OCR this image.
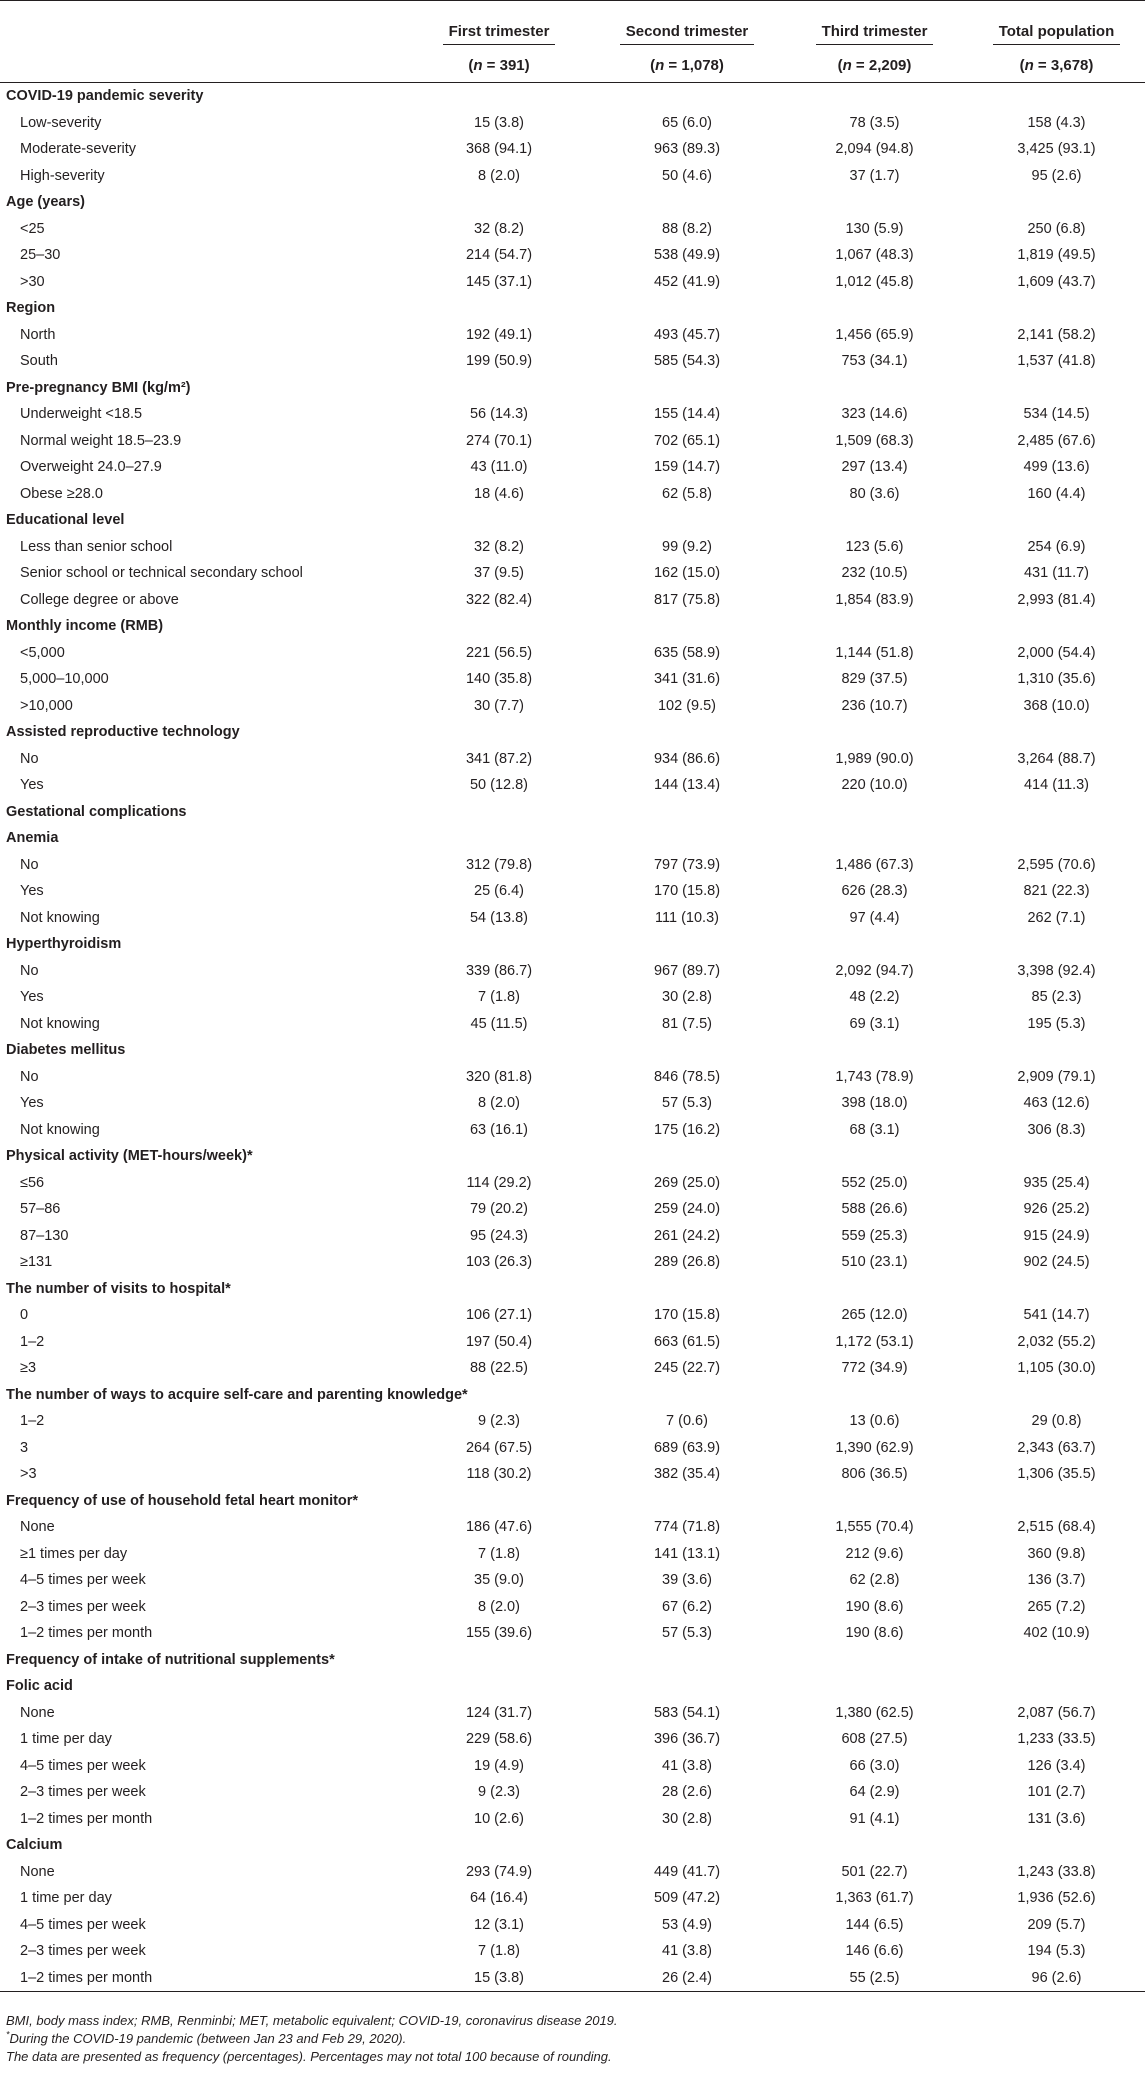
	First trimester	Second trimester	Third trimester	Total population
	(n = 391)	(n = 1,078)	(n = 2,209)	(n = 3,678)
COVID-19 pandemic severity				
Low-severity	15 (3.8)	65 (6.0)	78 (3.5)	158 (4.3)
Moderate-severity	368 (94.1)	963 (89.3)	2,094 (94.8)	3,425 (93.1)
High-severity	8 (2.0)	50 (4.6)	37 (1.7)	95 (2.6)
Age (years)				
<25	32 (8.2)	88 (8.2)	130 (5.9)	250 (6.8)
25–30	214 (54.7)	538 (49.9)	1,067 (48.3)	1,819 (49.5)
>30	145 (37.1)	452 (41.9)	1,012 (45.8)	1,609 (43.7)
Region				
North	192 (49.1)	493 (45.7)	1,456 (65.9)	2,141 (58.2)
South	199 (50.9)	585 (54.3)	753 (34.1)	1,537 (41.8)
Pre-pregnancy BMI (kg/m²)				
Underweight <18.5	56 (14.3)	155 (14.4)	323 (14.6)	534 (14.5)
Normal weight 18.5–23.9	274 (70.1)	702 (65.1)	1,509 (68.3)	2,485 (67.6)
Overweight 24.0–27.9	43 (11.0)	159 (14.7)	297 (13.4)	499 (13.6)
Obese ≥28.0	18 (4.6)	62 (5.8)	80 (3.6)	160 (4.4)
Educational level				
Less than senior school	32 (8.2)	99 (9.2)	123 (5.6)	254 (6.9)
Senior school or technical secondary school	37 (9.5)	162 (15.0)	232 (10.5)	431 (11.7)
College degree or above	322 (82.4)	817 (75.8)	1,854 (83.9)	2,993 (81.4)
Monthly income (RMB)				
<5,000	221 (56.5)	635 (58.9)	1,144 (51.8)	2,000 (54.4)
5,000–10,000	140 (35.8)	341 (31.6)	829 (37.5)	1,310 (35.6)
>10,000	30 (7.7)	102 (9.5)	236 (10.7)	368 (10.0)
Assisted reproductive technology				
No	341 (87.2)	934 (86.6)	1,989 (90.0)	3,264 (88.7)
Yes	50 (12.8)	144 (13.4)	220 (10.0)	414 (11.3)
Gestational complications				
Anemia				
No	312 (79.8)	797 (73.9)	1,486 (67.3)	2,595 (70.6)
Yes	25 (6.4)	170 (15.8)	626 (28.3)	821 (22.3)
Not knowing	54 (13.8)	111 (10.3)	97 (4.4)	262 (7.1)
Hyperthyroidism				
No	339 (86.7)	967 (89.7)	2,092 (94.7)	3,398 (92.4)
Yes	7 (1.8)	30 (2.8)	48 (2.2)	85 (2.3)
Not knowing	45 (11.5)	81 (7.5)	69 (3.1)	195 (5.3)
Diabetes mellitus				
No	320 (81.8)	846 (78.5)	1,743 (78.9)	2,909 (79.1)
Yes	8 (2.0)	57 (5.3)	398 (18.0)	463 (12.6)
Not knowing	63 (16.1)	175 (16.2)	68 (3.1)	306 (8.3)
Physical activity (MET-hours/week)*				
≤56	114 (29.2)	269 (25.0)	552 (25.0)	935 (25.4)
57–86	79 (20.2)	259 (24.0)	588 (26.6)	926 (25.2)
87–130	95 (24.3)	261 (24.2)	559 (25.3)	915 (24.9)
≥131	103 (26.3)	289 (26.8)	510 (23.1)	902 (24.5)
The number of visits to hospital*				
0	106 (27.1)	170 (15.8)	265 (12.0)	541 (14.7)
1–2	197 (50.4)	663 (61.5)	1,172 (53.1)	2,032 (55.2)
≥3	88 (22.5)	245 (22.7)	772 (34.9)	1,105 (30.0)
The number of ways to acquire self-care and parenting knowledge*				
1–2	9 (2.3)	7 (0.6)	13 (0.6)	29 (0.8)
3	264 (67.5)	689 (63.9)	1,390 (62.9)	2,343 (63.7)
>3	118 (30.2)	382 (35.4)	806 (36.5)	1,306 (35.5)
Frequency of use of household fetal heart monitor*				
None	186 (47.6)	774 (71.8)	1,555 (70.4)	2,515 (68.4)
≥1 times per day	7 (1.8)	141 (13.1)	212 (9.6)	360 (9.8)
4–5 times per week	35 (9.0)	39 (3.6)	62 (2.8)	136 (3.7)
2–3 times per week	8 (2.0)	67 (6.2)	190 (8.6)	265 (7.2)
1–2 times per month	155 (39.6)	57 (5.3)	190 (8.6)	402 (10.9)
Frequency of intake of nutritional supplements*				
Folic acid				
None	124 (31.7)	583 (54.1)	1,380 (62.5)	2,087 (56.7)
1 time per day	229 (58.6)	396 (36.7)	608 (27.5)	1,233 (33.5)
4–5 times per week	19 (4.9)	41 (3.8)	66 (3.0)	126 (3.4)
2–3 times per week	9 (2.3)	28 (2.6)	64 (2.9)	101 (2.7)
1–2 times per month	10 (2.6)	30 (2.8)	91 (4.1)	131 (3.6)
Calcium				
None	293 (74.9)	449 (41.7)	501 (22.7)	1,243 (33.8)
1 time per day	64 (16.4)	509 (47.2)	1,363 (61.7)	1,936 (52.6)
4–5 times per week	12 (3.1)	53 (4.9)	144 (6.5)	209 (5.7)
2–3 times per week	7 (1.8)	41 (3.8)	146 (6.6)	194 (5.3)
1–2 times per month	15 (3.8)	26 (2.4)	55 (2.5)	96 (2.6)
BMI, body mass index; RMB, Renminbi; MET, metabolic equivalent; COVID-19, coronavirus disease 2019.
*During the COVID-19 pandemic (between Jan 23 and Feb 29, 2020).
The data are presented as frequency (percentages). Percentages may not total 100 because of rounding.
